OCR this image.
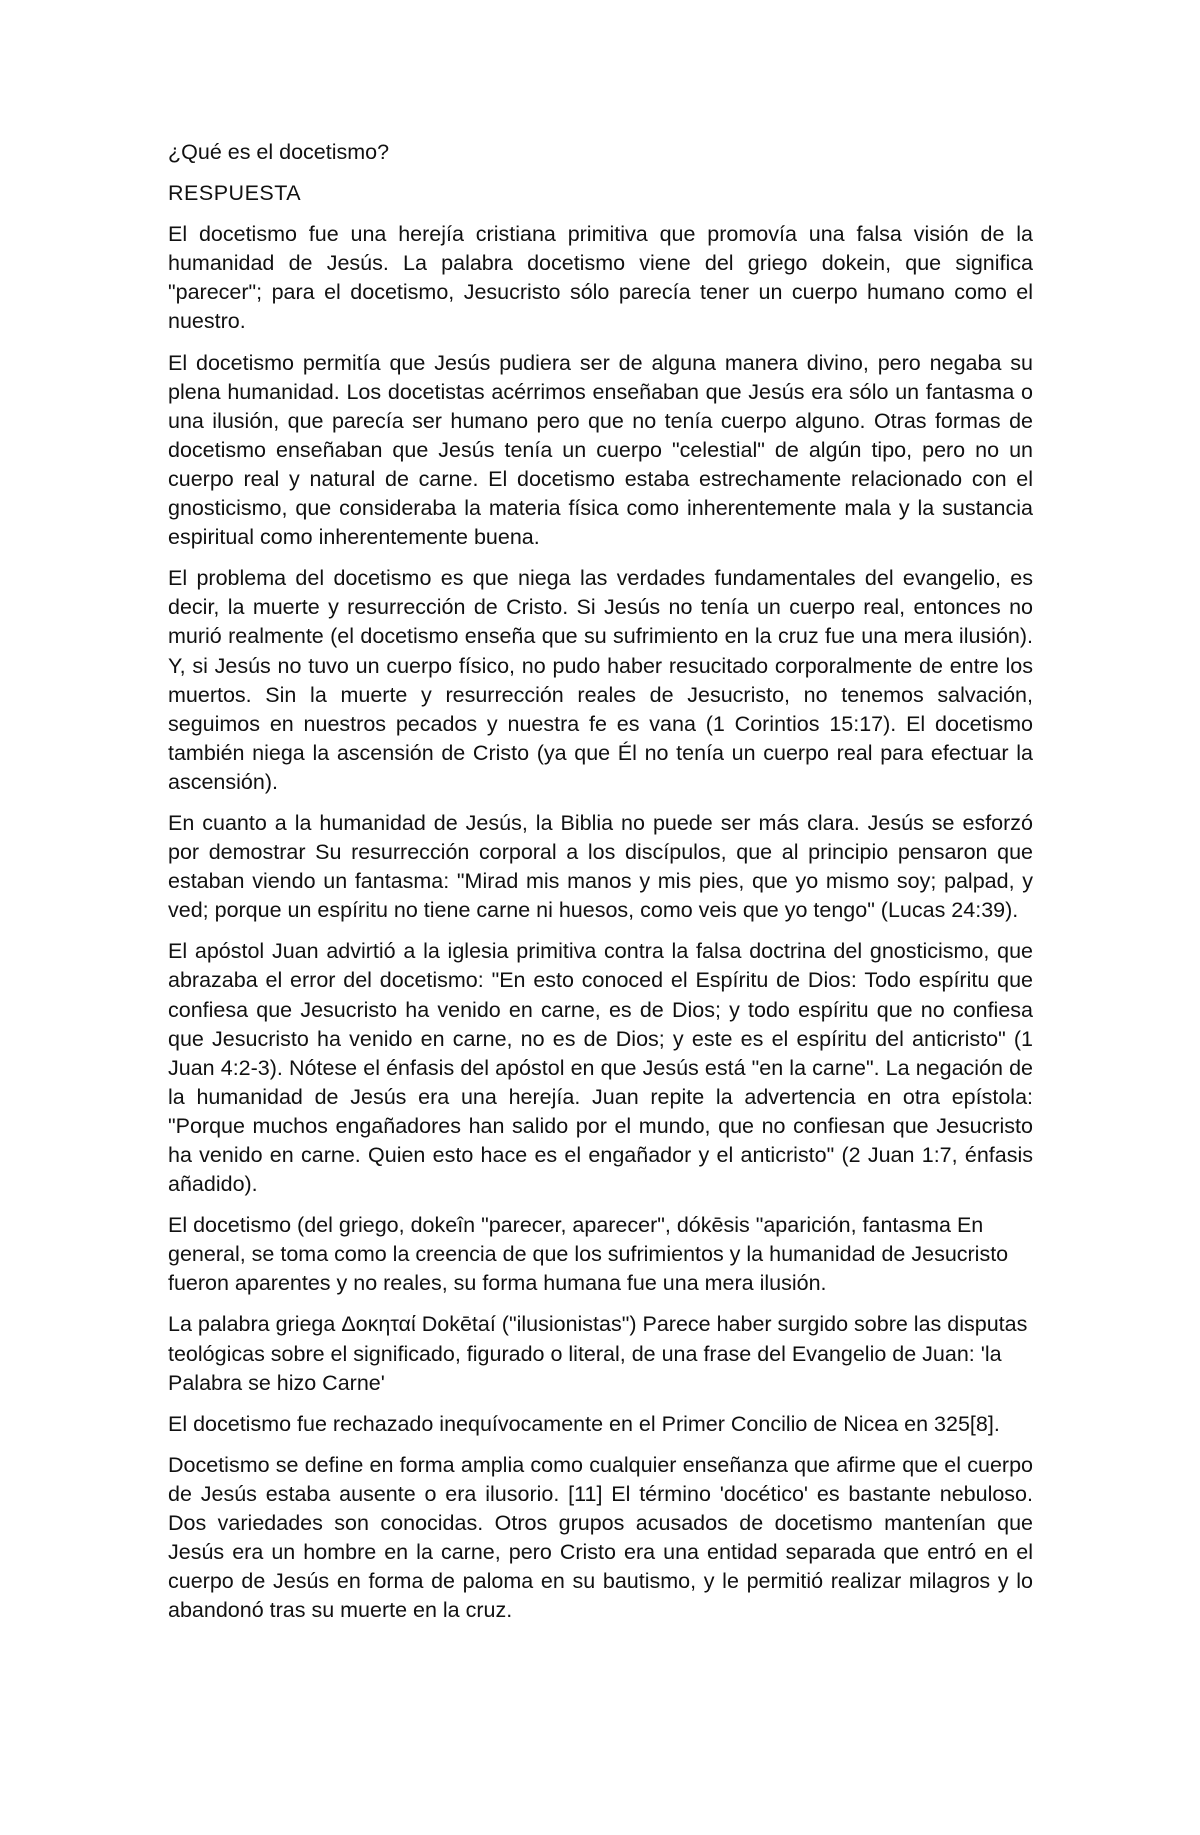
¿Qué es el docetismo?
RESPUESTA

El docetismo fue una herejía cristiana primitiva que promovía una falsa visión de la humanidad de Jesús. La palabra docetismo viene del griego dokein, que significa "parecer"; para el docetismo, Jesucristo sólo parecía tener un cuerpo humano como el nuestro.

El docetismo permitía que Jesús pudiera ser de alguna manera divino, pero negaba su plena humanidad. Los docetistas acérrimos enseñaban que Jesús era sólo un fantasma o una ilusión, que parecía ser humano pero que no tenía cuerpo alguno. Otras formas de docetismo enseñaban que Jesús tenía un cuerpo "celestial" de algún tipo, pero no un cuerpo real y natural de carne. El docetismo estaba estrechamente relacionado con el gnosticismo, que consideraba la materia física como inherentemente mala y la sustancia espiritual como inherentemente buena.

El problema del docetismo es que niega las verdades fundamentales del evangelio, es decir, la muerte y resurrección de Cristo. Si Jesús no tenía un cuerpo real, entonces no murió realmente (el docetismo enseña que su sufrimiento en la cruz fue una mera ilusión). Y, si Jesús no tuvo un cuerpo físico, no pudo haber resucitado corporalmente de entre los muertos. Sin la muerte y resurrección reales de Jesucristo, no tenemos salvación, seguimos en nuestros pecados y nuestra fe es vana (1 Corintios 15:17). El docetismo también niega la ascensión de Cristo (ya que Él no tenía un cuerpo real para efectuar la ascensión).

En cuanto a la humanidad de Jesús, la Biblia no puede ser más clara. Jesús se esforzó por demostrar Su resurrección corporal a los discípulos, que al principio pensaron que estaban viendo un fantasma: "Mirad mis manos y mis pies, que yo mismo soy; palpad, y ved; porque un espíritu no tiene carne ni huesos, como veis que yo tengo" (Lucas 24:39).

El apóstol Juan advirtió a la iglesia primitiva contra la falsa doctrina del gnosticismo, que abrazaba el error del docetismo: "En esto conoced el Espíritu de Dios: Todo espíritu que confiesa que Jesucristo ha venido en carne, es de Dios; y todo espíritu que no confiesa que Jesucristo ha venido en carne, no es de Dios; y este es el espíritu del anticristo" (1 Juan 4:2-3). Nótese el énfasis del apóstol en que Jesús está "en la carne". La negación de la humanidad de Jesús era una herejía. Juan repite la advertencia en otra epístola: "Porque muchos engañadores han salido por el mundo, que no confiesan que Jesucristo ha venido en carne. Quien esto hace es el engañador y el anticristo" (2 Juan 1:7, énfasis añadido).

El docetismo (del griego, dokeîn "parecer, aparecer", dókēsis "aparición, fantasma En general, se toma como la creencia de que los sufrimientos y la humanidad de Jesucristo fueron aparentes y no reales, su forma humana fue una mera ilusión.

La palabra griega Δοκηταί Dokētaí ("ilusionistas") Parece haber surgido sobre las disputas teológicas sobre el significado, figurado o literal, de una frase del Evangelio de Juan: 'la Palabra se hizo Carne'

El docetismo fue rechazado inequívocamente en el Primer Concilio de Nicea en 325[8].

Docetismo se define en forma amplia como cualquier enseñanza que afirme que el cuerpo de Jesús estaba ausente o era ilusorio. [11] El término 'docético' es bastante nebuloso. Dos variedades son conocidas. Otros grupos acusados de docetismo mantenían que Jesús era un hombre en la carne, pero Cristo era una entidad separada que entró en el cuerpo de Jesús en forma de paloma en su bautismo, y le permitió realizar milagros y lo abandonó tras su muerte en la cruz.
